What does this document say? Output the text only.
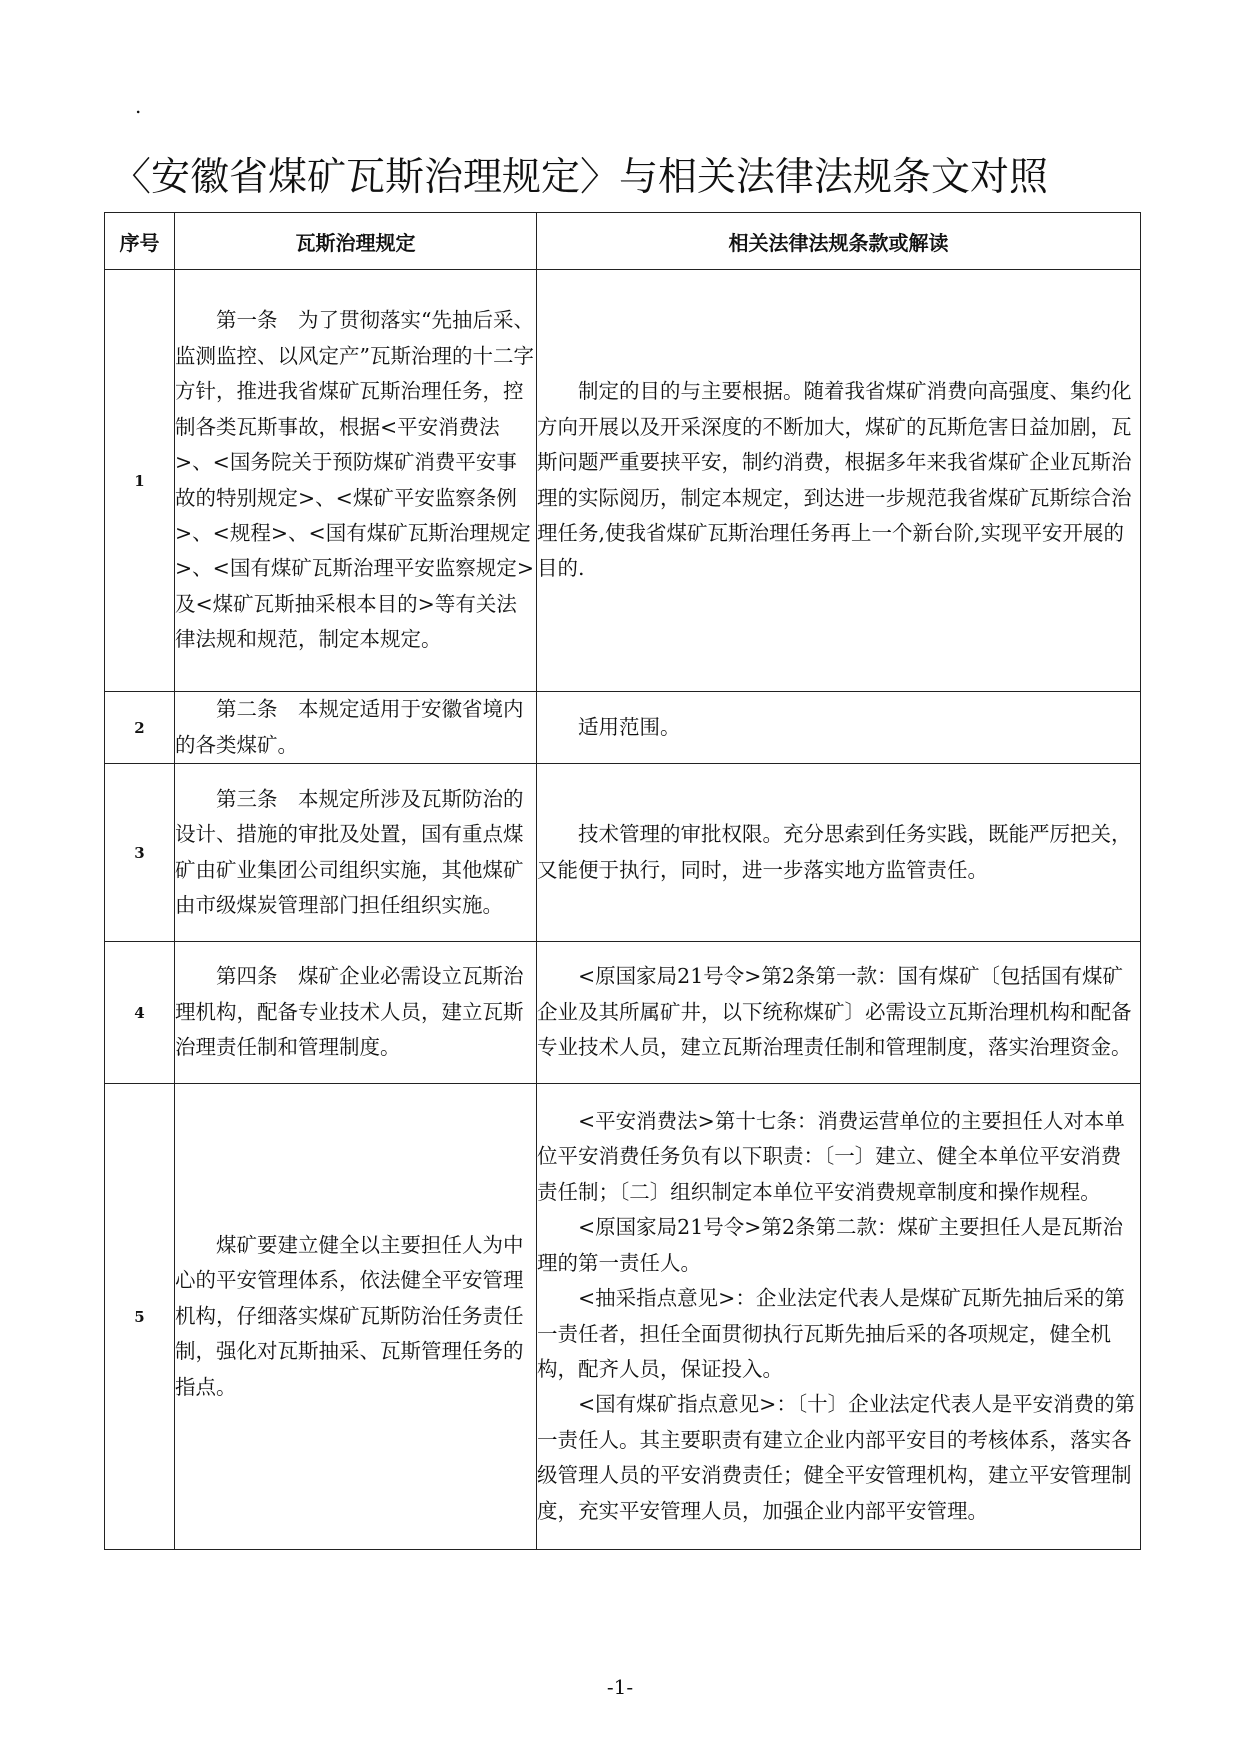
.
〈安徽省煤矿瓦斯治理规定〉与相关法律法规条文对照
序号	瓦斯治理规定	相关法律法规条款或解读
1	第一条　为了贯彻落实“先抽后采、监测监控、以风定产”瓦斯治理的十二字方针，推进我省煤矿瓦斯治理任务，控制各类瓦斯事故，根据<平安消费法>、<国务院关于预防煤矿消费平安事故的特别规定>、<煤矿平安监察条例>、<规程>、<国有煤矿瓦斯治理规定>、<国有煤矿瓦斯治理平安监察规定>及<煤矿瓦斯抽采根本目的>等有关法律法规和规范，制定本规定。	制定的目的与主要根据。随着我省煤矿消费向高强度、集约化方向开展以及开采深度的不断加大，煤矿的瓦斯危害日益加剧，瓦斯问题严重要挟平安，制约消费，根据多年来我省煤矿企业瓦斯治理的实际阅历，制定本规定，到达进一步规范我省煤矿瓦斯综合治理任务,使我省煤矿瓦斯治理任务再上一个新台阶,实现平安开展的目的.

2	第二条　本规定适用于安徽省境内的各类煤矿。	适用范围。

3	第三条　本规定所涉及瓦斯防治的设计、措施的审批及处置，国有重点煤矿由矿业集团公司组织实施，其他煤矿由市级煤炭管理部门担任组织实施。	技术管理的审批权限。充分思索到任务实践，既能严厉把关，又能便于执行，同时，进一步落实地方监管责任。

4	第四条　煤矿企业必需设立瓦斯治理机构，配备专业技术人员，建立瓦斯治理责任制和管理制度。	<原国家局21号令>第2条第一款：国有煤矿〔包括国有煤矿企业及其所属矿井，以下统称煤矿〕必需设立瓦斯治理机构和配备专业技术人员，建立瓦斯治理责任制和管理制度，落实治理资金。

5	煤矿要建立健全以主要担任人为中心的平安管理体系，依法健全平安管理机构，仔细落实煤矿瓦斯防治任务责任制，强化对瓦斯抽采、瓦斯管理任务的指点。	<平安消费法>第十七条：消费运营单位的主要担任人对本单位平安消费任务负有以下职责：〔一〕建立、健全本单位平安消费责任制；〔二〕组织制定本单位平安消费规章制度和操作规程。
<原国家局21号令>第2条第二款：煤矿主要担任人是瓦斯治理的第一责任人。
<抽采指点意见>：企业法定代表人是煤矿瓦斯先抽后采的第一责任者，担任全面贯彻执行瓦斯先抽后采的各项规定，健全机构，配齐人员，保证投入。
<国有煤矿指点意见>：〔十〕企业法定代表人是平安消费的第一责任人。其主要职责有建立企业内部平安目的考核体系，落实各级管理人员的平安消费责任；健全平安管理机构，建立平安管理制度，充实平安管理人员，加强企业内部平安管理。
-1-
